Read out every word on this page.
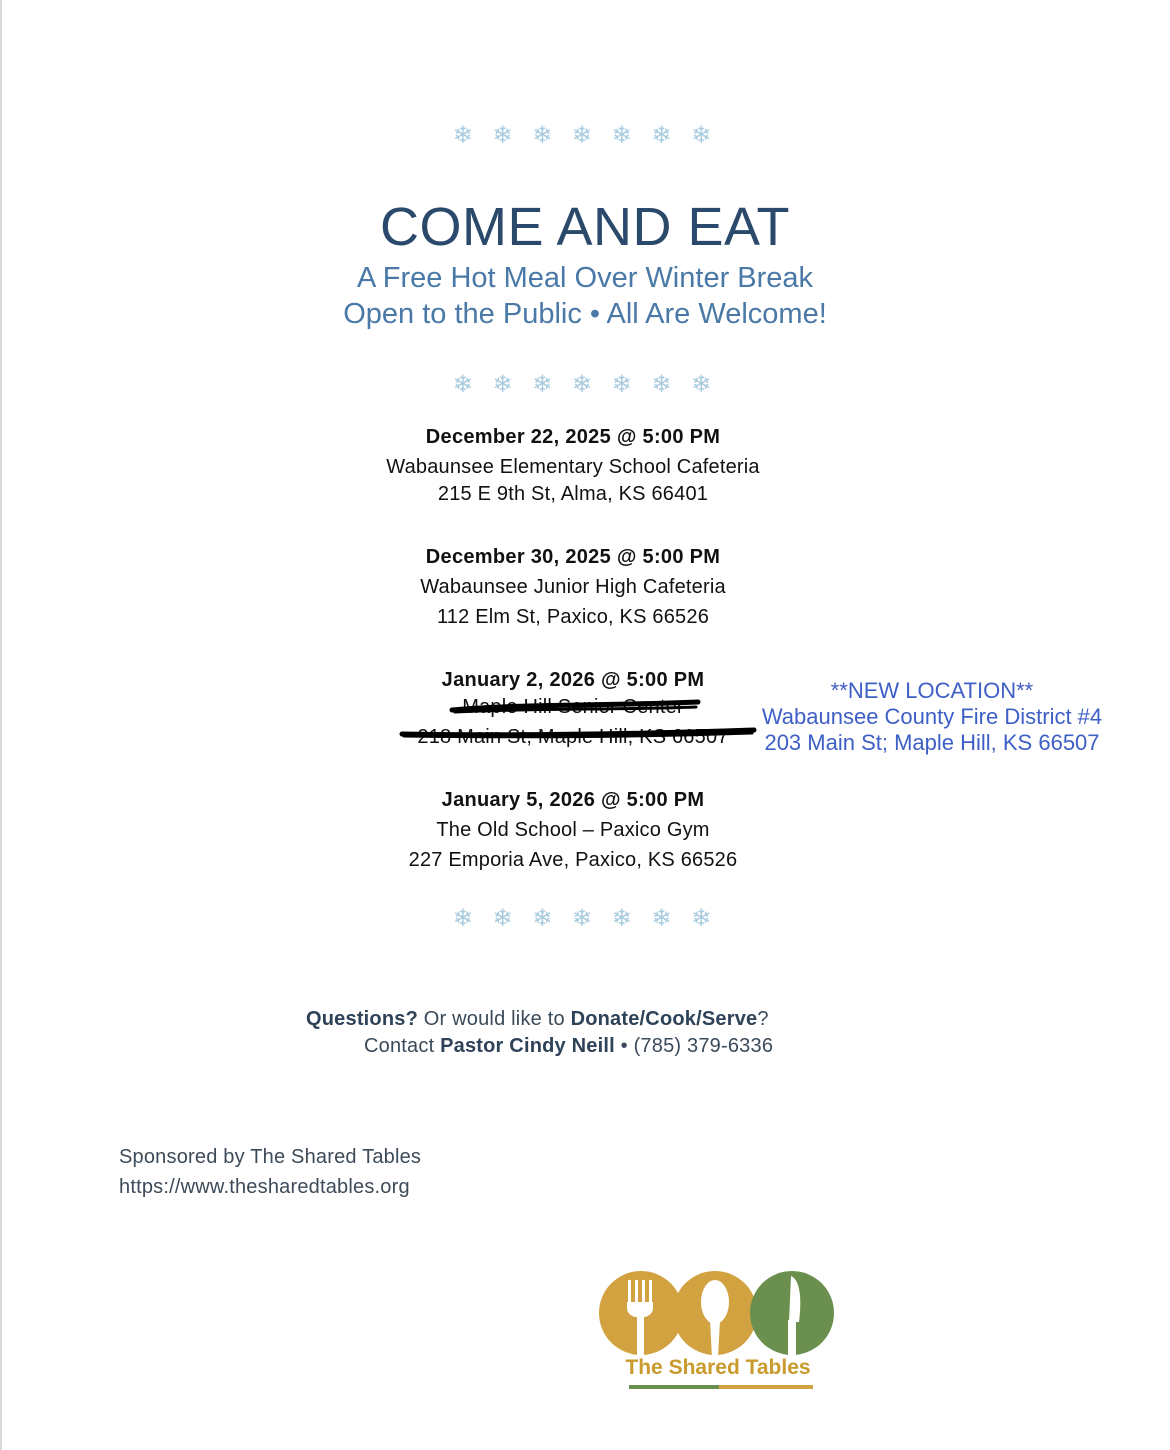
❄ ❄ ❄ ❄ ❄ ❄ ❄
COME AND EAT
A Free Hot Meal Over Winter Break
Open to the Public • All Are Welcome!
❄ ❄ ❄ ❄ ❄ ❄ ❄
December 22, 2025 @ 5:00 PM
Wabaunsee Elementary School Cafeteria
215 E 9th St, Alma, KS 66401
December 30, 2025 @ 5:00 PM
Wabaunsee Junior High Cafeteria
112 Elm St, Paxico, KS 66526
January 2, 2026 @ 5:00 PM
Maple Hill Senior Center
218 Main St, Maple Hill, KS 66507
**NEW LOCATION**
Wabaunsee County Fire District #4
203 Main St; Maple Hill, KS 66507
January 5, 2026 @ 5:00 PM
The Old School – Paxico Gym
227 Emporia Ave, Paxico, KS 66526
❄ ❄ ❄ ❄ ❄ ❄ ❄
Questions? Or would like to Donate/Cook/Serve?
Contact Pastor Cindy Neill • (785) 379-6336
Sponsored by The Shared Tables
https://www.thesharedtables.org
The Shared Tables
